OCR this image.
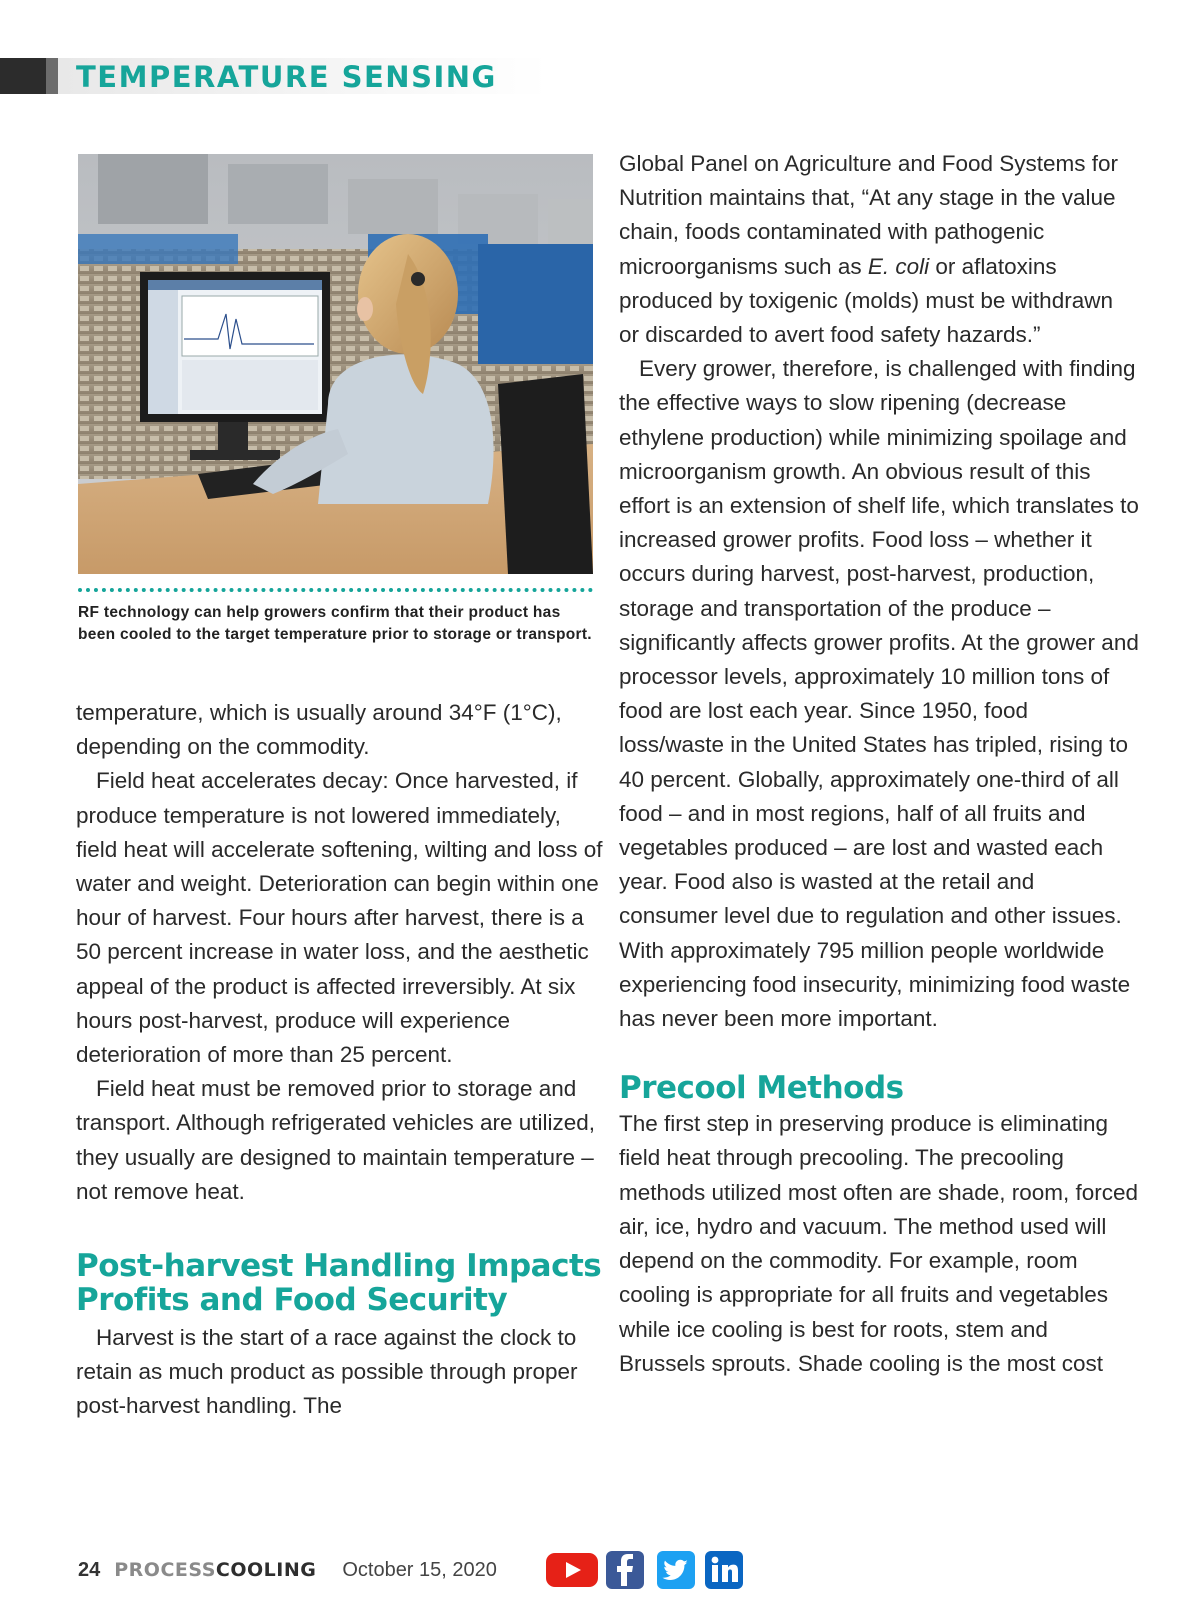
TEMPERATURE SENSING
RF technology can help growers confirm that their product has been cooled to the target temperature prior to storage or transport.

temperature, which is usually around 34°F (1°C), depending on the commodity.

Field heat accelerates decay: Once harvested, if produce temperature is not lowered immediately, field heat will accelerate softening, wilting and loss of water and weight. Deterioration can begin within one hour of harvest. Four hours after harvest, there is a 50 percent increase in water loss, and the aesthetic appeal of the product is affected irreversibly. At six hours post-harvest, produce will experience deterioration of more than 25 percent.

Field heat must be removed prior to storage and transport. Although refrigerated vehicles are utilized, they usually are designed to maintain temperature – not remove heat.

Post-harvest Handling Impacts Profits and Food Security

Harvest is the start of a race against the clock to retain as much product as possible through proper post-harvest handling. The

Global Panel on Agriculture and Food Systems for Nutrition maintains that, “At any stage in the value chain, foods contaminated with pathogenic microorganisms such as E. coli or aflatoxins produced by toxigenic (molds) must be withdrawn or discarded to avert food safety hazards.”

Every grower, therefore, is challenged with finding the effective ways to slow ripening (decrease ethylene production) while minimizing spoilage and microorganism growth. An obvious result of this effort is an extension of shelf life, which translates to increased grower profits. Food loss – whether it occurs during harvest, post-harvest, production, storage and transportation of the produce – significantly affects grower profits. At the grower and processor levels, approximately 10 million tons of food are lost each year. Since 1950, food loss/waste in the United States has tripled, rising to 40 percent. Globally, approximately one-third of all food – and in most regions, half of all fruits and vegetables produced – are lost and wasted each year. Food also is wasted at the retail and consumer level due to regulation and other issues. With approximately 795 million people worldwide experiencing food insecurity, minimizing food waste has never been more important.

Precool Methods

The first step in preserving produce is eliminating field heat through precooling. The precooling methods utilized most often are shade, room, forced air, ice, hydro and vacuum. The method used will depend on the commodity. For example, room cooling is appropriate for all fruits and vegetables while ice cooling is best for roots, stem and Brussels sprouts. Shade cooling is the most cost

24 PROCESSCOOLING October 15, 2020
